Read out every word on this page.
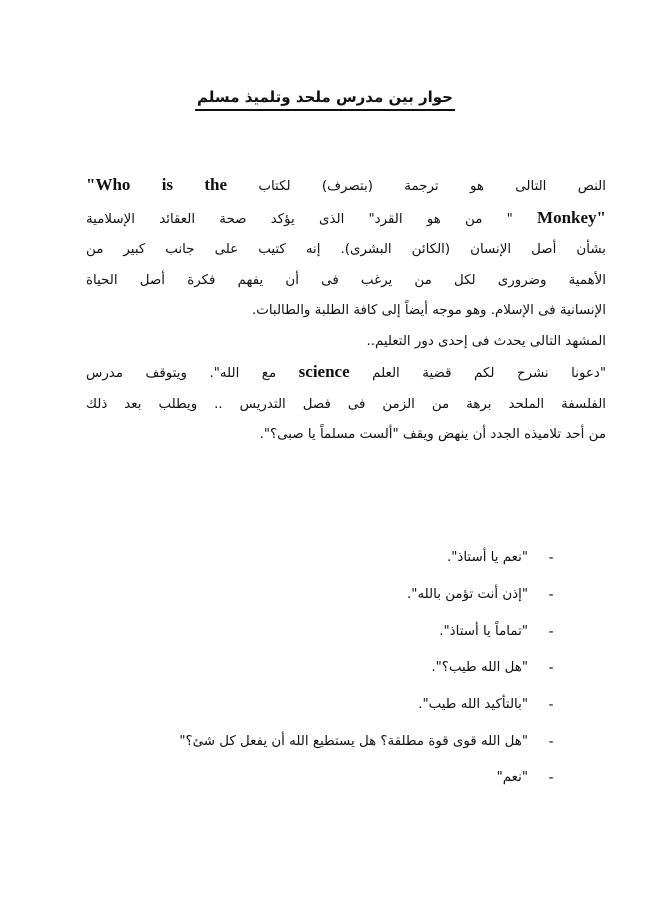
حوار بين مدرس ملحد وتلميذ مسلم
النص التالى هو ترجمة (بتصرف) لكتاب "Who is the
Monkey" " من هو القرد" الذى يؤكد صحة العقائد الإسلامية
بشأن أصل الإنسان (الكائن البشرى). إنه كتيب على جانب كبير من
الأهمية وضرورى لكل من يرغب فى أن يفهم فكرة أصل الحياة
الإنسانية فى الإسلام. وهو موجه أيضاً إلى كافة الطلبة والطالبات.
المشهد التالى يحدث فى إحدى دور التعليم..
"دعونا نشرح لكم قضية العلم science مع الله". ويتوقف مدرس
الفلسفة الملحد برهة من الزمن فى فصل التدريس .. ويطلب بعد ذلك
من أحد تلاميذه الجدد أن ينهض ويقف "ألست مسلماً يا صبى؟".
-
"نعم يا أستاذ".
-
"إذن أنت تؤمن بالله".
-
"تماماً يا أستاذ".
-
"هل الله طيب؟".
-
"بالتأكيد الله طيب".
-
"هل الله قوى قوة مطلقة؟ هل يستطيع الله أن يفعل كل شئ؟"
-
"نعم"
